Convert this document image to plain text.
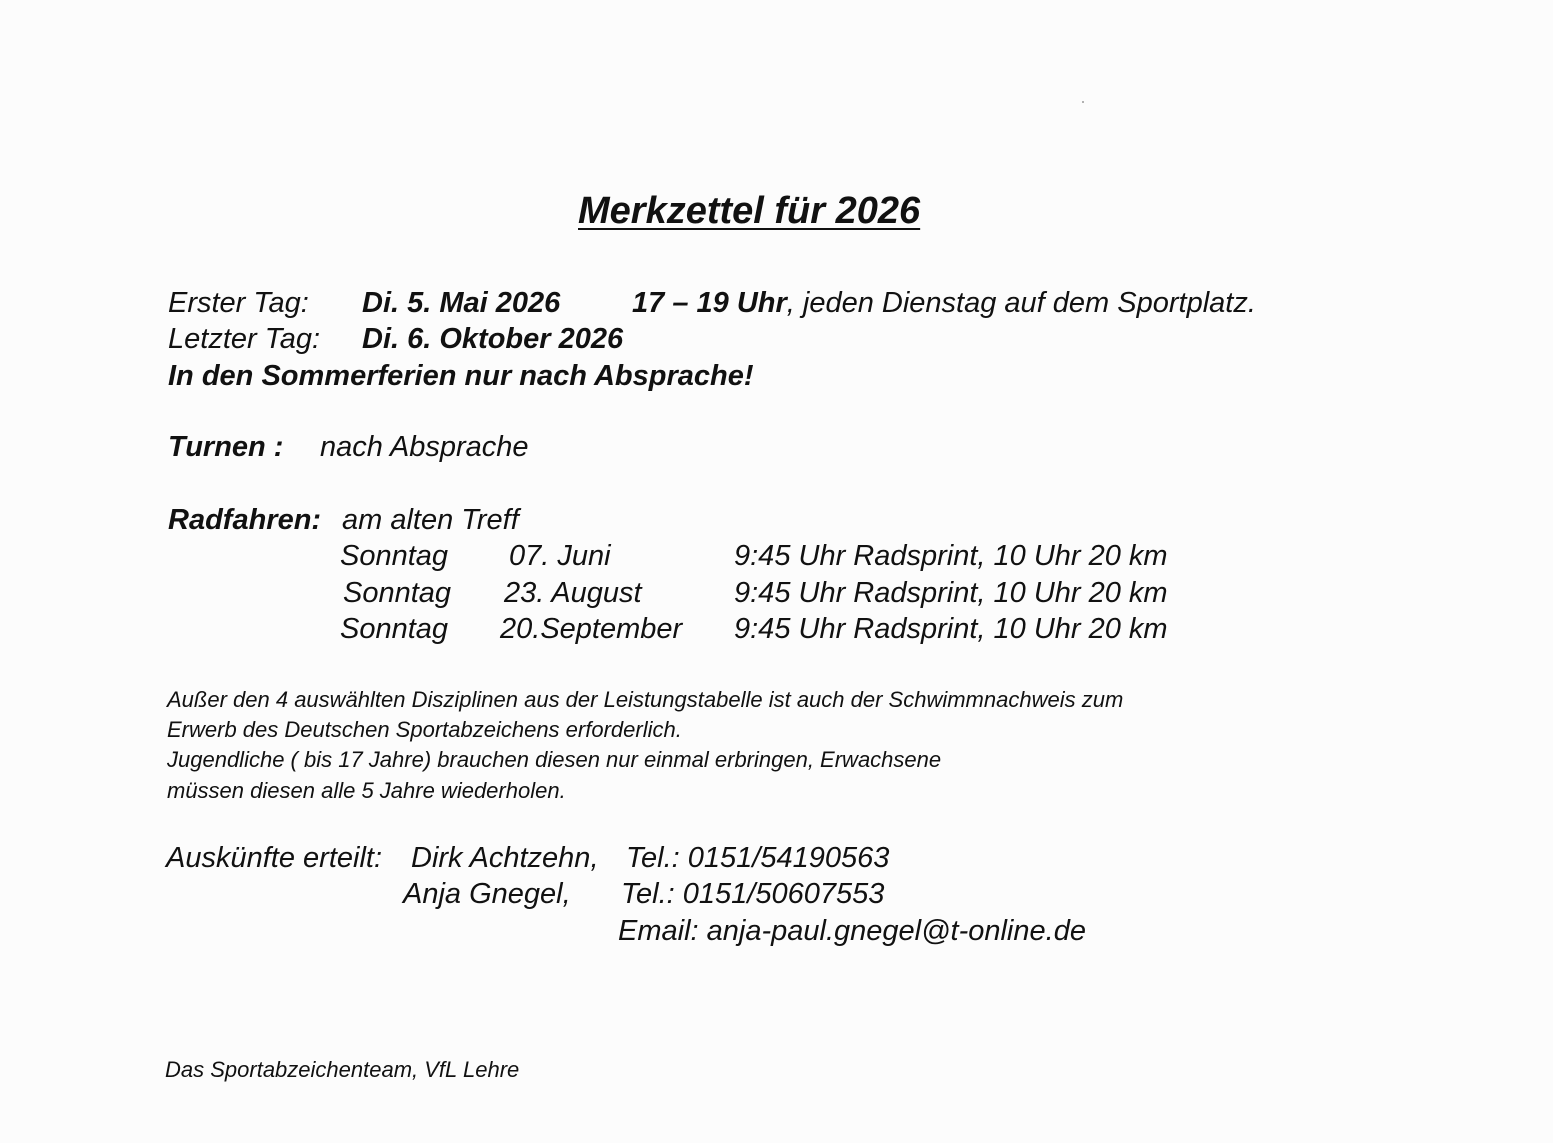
Merkzettel für 2026
Erster Tag: Di. 5. Mai 2026 17 – 19 Uhr, jeden Dienstag auf dem Sportplatz.
Letzter Tag: Di. 6. Oktober 2026
In den Sommerferien nur nach Absprache!
Turnen : nach Absprache
Radfahren: am alten Treff
Sonntag 07. Juni	9:45 Uhr Radsprint, 10 Uhr 20 km
Sonntag 23. August	9:45 Uhr Radsprint, 10 Uhr 20 km
Sonntag 20.September 9:45 Uhr Radsprint, 10 Uhr 20 km
Außer den 4 auswählten Disziplinen aus der Leistungstabelle ist auch der Schwimmnachweis zum
Erwerb des Deutschen Sportabzeichens erforderlich.
Jugendliche ( bis 17 Jahre) brauchen diesen nur einmal erbringen, Erwachsene
müssen diesen alle 5 Jahre wiederholen.
Auskünfte erteilt: Dirk Achtzehn, Tel.: 0151/54190563
Anja Gnegel, Tel.: 0151/50607553
Email: anja-paul.gnegel@t-online.de
Das Sportabzeichenteam, VfL Lehre
